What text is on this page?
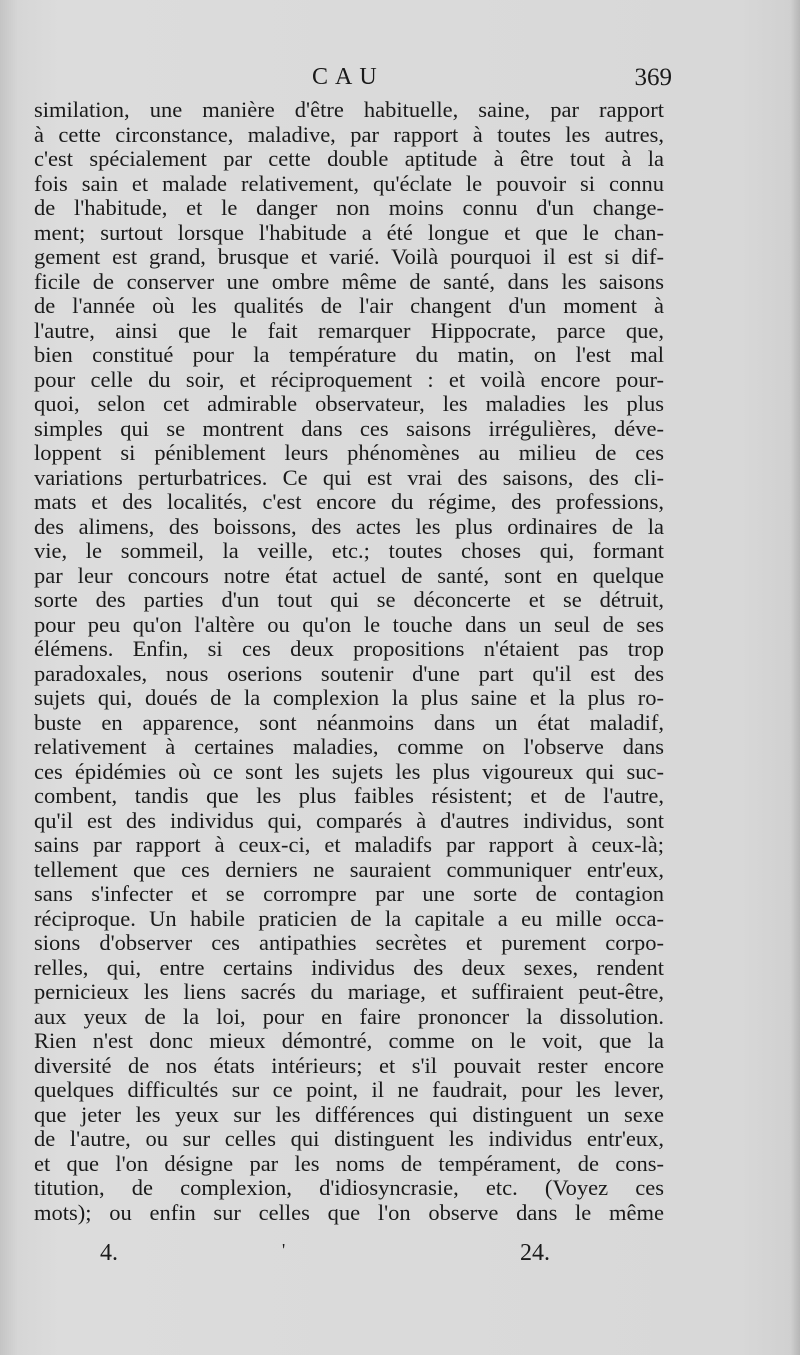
CAU	369
similation, une manière d'être habituelle, saine, par rapport
à cette circonstance, maladive, par rapport à toutes les autres,
c'est spécialement par cette double aptitude à être tout à la
fois sain et malade relativement, qu'éclate le pouvoir si connu
de l'habitude, et le danger non moins connu d'un change-
ment; surtout lorsque l'habitude a été longue et que le chan-
gement est grand, brusque et varié. Voilà pourquoi il est si dif-
ficile de conserver une ombre même de santé, dans les saisons
de l'année où les qualités de l'air changent d'un moment à
l'autre, ainsi que le fait remarquer Hippocrate, parce que,
bien constitué pour la température du matin, on l'est mal
pour celle du soir, et réciproquement : et voilà encore pour-
quoi, selon cet admirable observateur, les maladies les plus
simples qui se montrent dans ces saisons irrégulières, déve-
loppent si péniblement leurs phénomènes au milieu de ces
variations perturbatrices. Ce qui est vrai des saisons, des cli-
mats et des localités, c'est encore du régime, des professions,
des alimens, des boissons, des actes les plus ordinaires de la
vie, le sommeil, la veille, etc.; toutes choses qui, formant
par leur concours notre état actuel de santé, sont en quelque
sorte des parties d'un tout qui se déconcerte et se détruit,
pour peu qu'on l'altère ou qu'on le touche dans un seul de ses
élémens. Enfin, si ces deux propositions n'étaient pas trop
paradoxales, nous oserions soutenir d'une part qu'il est des
sujets qui, doués de la complexion la plus saine et la plus ro-
buste en apparence, sont néanmoins dans un état maladif,
relativement à certaines maladies, comme on l'observe dans
ces épidémies où ce sont les sujets les plus vigoureux qui suc-
combent, tandis que les plus faibles résistent; et de l'autre,
qu'il est des individus qui, comparés à d'autres individus, sont
sains par rapport à ceux-ci, et maladifs par rapport à ceux-là;
tellement que ces derniers ne sauraient communiquer entr'eux,
sans s'infecter et se corrompre par une sorte de contagion
réciproque. Un habile praticien de la capitale a eu mille occa-
sions d'observer ces antipathies secrètes et purement corpo-
relles, qui, entre certains individus des deux sexes, rendent
pernicieux les liens sacrés du mariage, et suffiraient peut-être,
aux yeux de la loi, pour en faire prononcer la dissolution.
Rien n'est donc mieux démontré, comme on le voit, que la
diversité de nos états intérieurs; et s'il pouvait rester encore
quelques difficultés sur ce point, il ne faudrait, pour les lever,
que jeter les yeux sur les différences qui distinguent un sexe
de l'autre, ou sur celles qui distinguent les individus entr'eux,
et que l'on désigne par les noms de tempérament, de cons-
titution, de complexion, d'idiosyncrasie, etc. (Voyez ces
mots); ou enfin sur celles que l'on observe dans le même
4.	'	24.
